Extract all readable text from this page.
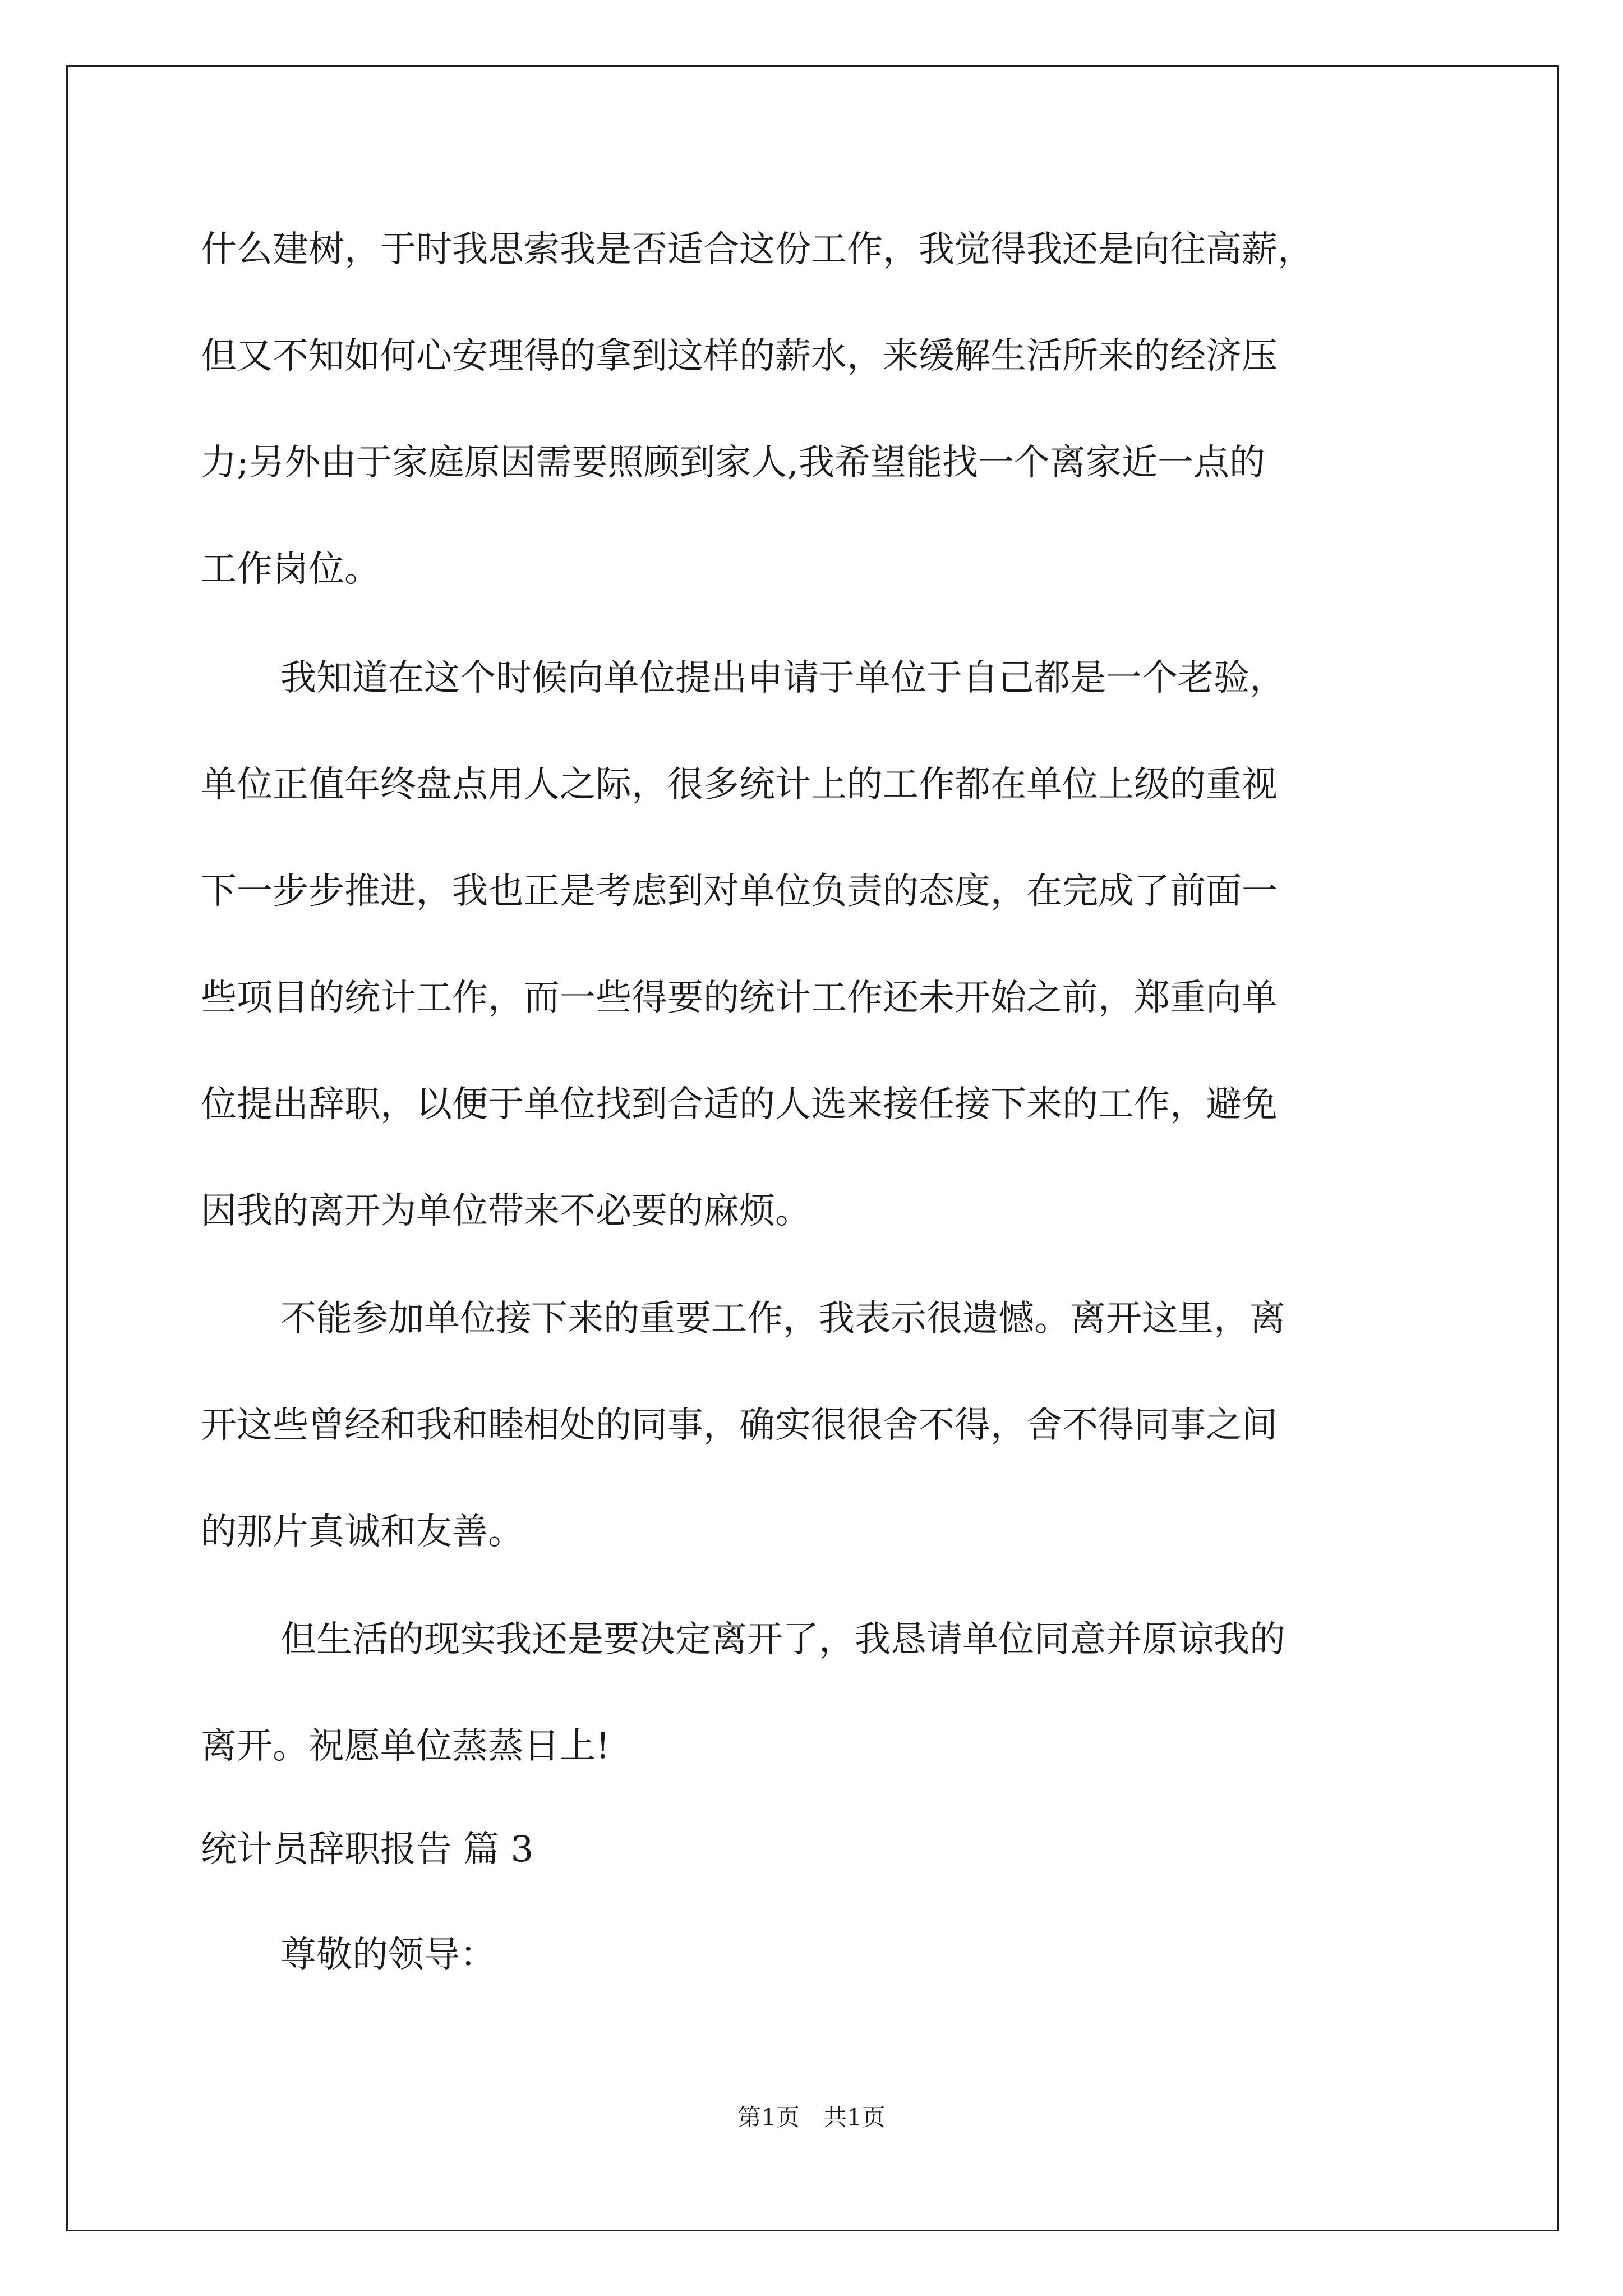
什么建树，于时我思索我是否适合这份工作，我觉得我还是向往高薪，
但又不知如何心安理得的拿到这样的薪水，来缓解生活所来的经济压
力;另外由于家庭原因需要照顾到家人,我希望能找一个离家近一点的
工作岗位。
我知道在这个时候向单位提出申请于单位于自己都是一个老验，
单位正值年终盘点用人之际，很多统计上的工作都在单位上级的重视
下一步步推进，我也正是考虑到对单位负责的态度，在完成了前面一
些项目的统计工作，而一些得要的统计工作还未开始之前，郑重向单
位提出辞职，以便于单位找到合适的人选来接任接下来的工作，避免
因我的离开为单位带来不必要的麻烦。
不能参加单位接下来的重要工作，我表示很遗憾。离开这里，离
开这些曾经和我和睦相处的同事，确实很很舍不得，舍不得同事之间
的那片真诚和友善。
但生活的现实我还是要决定离开了，我恳请单位同意并原谅我的
离开。祝愿单位蒸蒸日上!
统计员辞职报告 篇 3
尊敬的领导：
第1页　共1页
